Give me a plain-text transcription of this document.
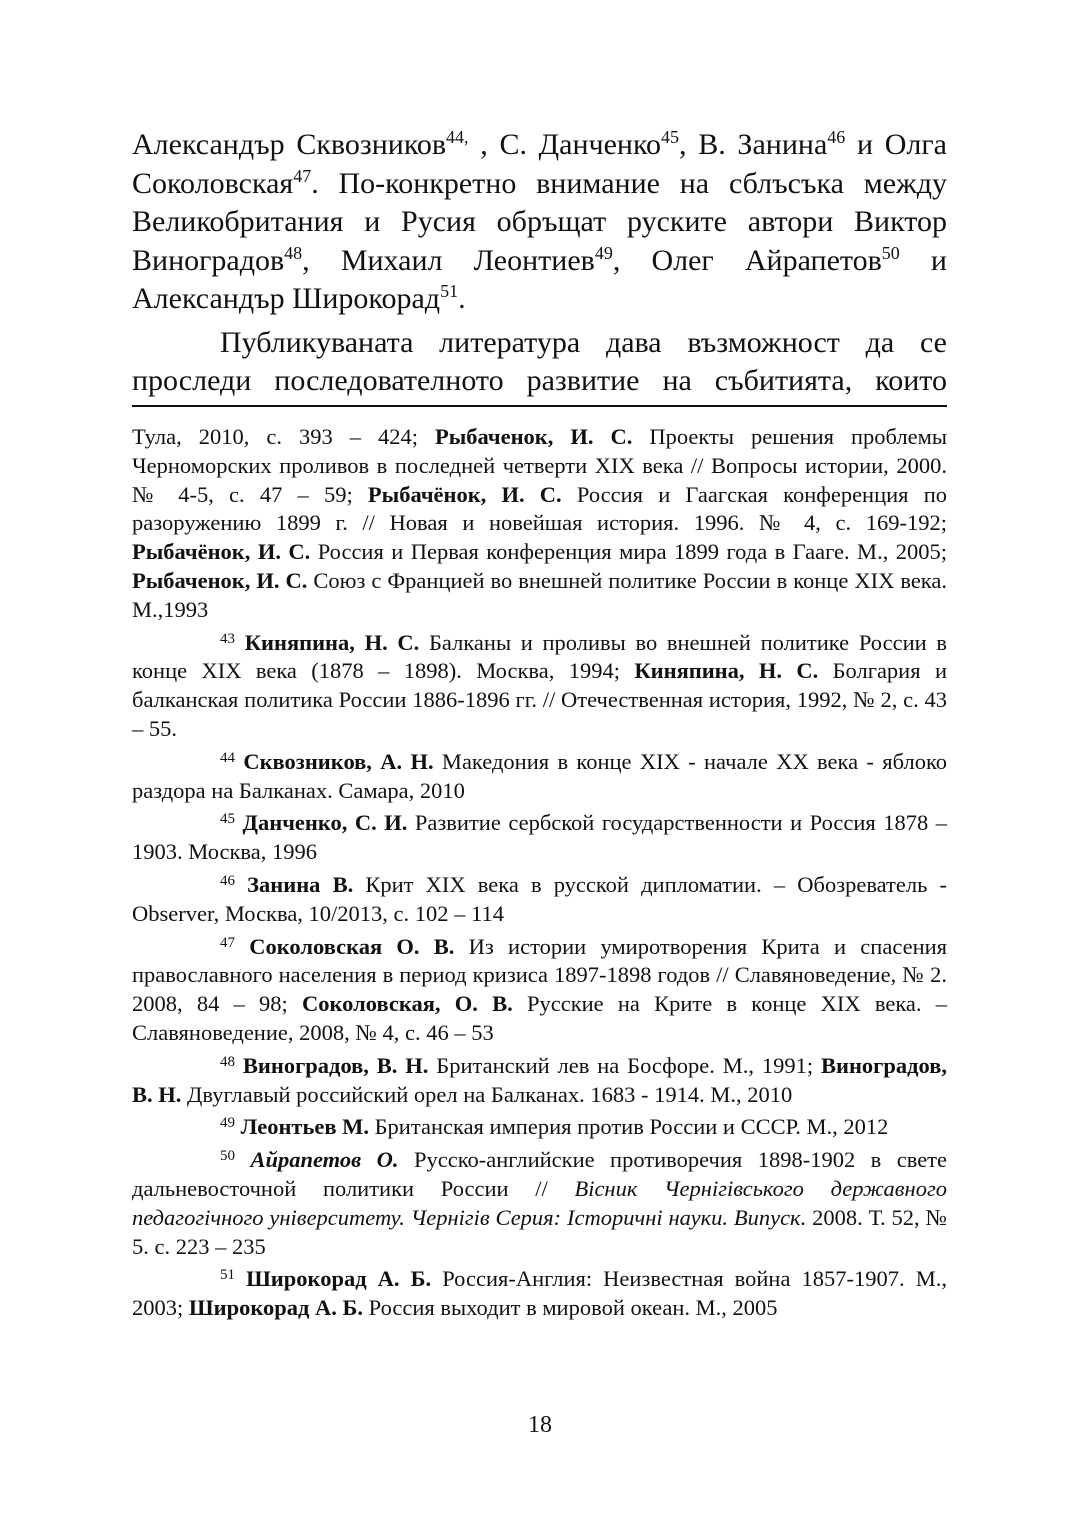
Александър Сквозников$^{44,}$ , С. Данченко$^{45}$, В. Занина$^{46}$ и Олга Соколовская$^{47}$. По-конкретно внимание на сблъсъка между Великобритания и Русия обръщат руските автори Виктор Виноградов$^{48}$, Михаил Леонтиев$^{49}$, Олег Айрапетов$^{50}$ и Александър Широкорад$^{51}$.

Публикуваната литература дава възможност да се проследи последователното развитие на събитията, които

Тула, 2010, с. 393 – 424; Рыбаченок, И. С. Проекты решения проблемы Черноморских проливов в последней четверти XIX века // Вопросы истории, 2000. № 4-5, с. 47 – 59; Рыбачёнок, И. С. Россия и Гаагская конференция по разоружению 1899 г. // Новая и новейшая история. 1996. № 4, с. 169-192; Рыбачёнок, И. С. Россия и Первая конференция мира 1899 года в Гааге. М., 2005; Рыбаченок, И. С. Союз с Францией во внешней политике России в конце XIX века. М.,1993

$^{43}$ Киняпина, Н. С. Балканы и проливы во внешней политике России в конце XIX века (1878 – 1898). Москва, 1994; Киняпина, Н. С. Болгария и балканская политика России 1886-1896 гг. // Отечественная история, 1992, № 2, с. 43 – 55.

$^{44}$ Сквозников, А. Н. Македония в конце XIX - начале XX века - яблоко раздора на Балканах. Самара, 2010

$^{45}$ Данченко, С. И. Развитие сербской государственности и Россия 1878 – 1903. Москва, 1996

$^{46}$ Занина В. Крит XIX века в русской дипломатии. – Обозреватель - Observer, Москва, 10/2013, с. 102 – 114

$^{47}$ Соколовская О. В. Из истории умиротворения Крита и спасения православного населения в период кризиса 1897-1898 годов // Славяноведение, № 2. 2008, 84 – 98; Соколовская, О. В. Русские на Крите в конце XIX века. – Славяноведение, 2008, № 4, с. 46 – 53

$^{48}$ Виноградов, В. Н. Британский лев на Босфоре. М., 1991; Виноградов, В. Н. Двуглавый российский орел на Балканах. 1683 - 1914. М., 2010

$^{49}$ Леонтьев М. Британская империя против России и СССР. М., 2012

$^{50}$ Айрапетов О. Русско-английские противоречия 1898-1902 в свете дальневосточной политики России // Вісник Чернігівського державного педагогічного університету. Чернігів Серия: Історичні науки. Випуск. 2008. Т. 52, № 5. с. 223 – 235

$^{51}$ Широкорад А. Б. Россия-Англия: Неизвестная война 1857-1907. М., 2003; Широкорад А. Б. Россия выходит в мировой океан. М., 2005

18
